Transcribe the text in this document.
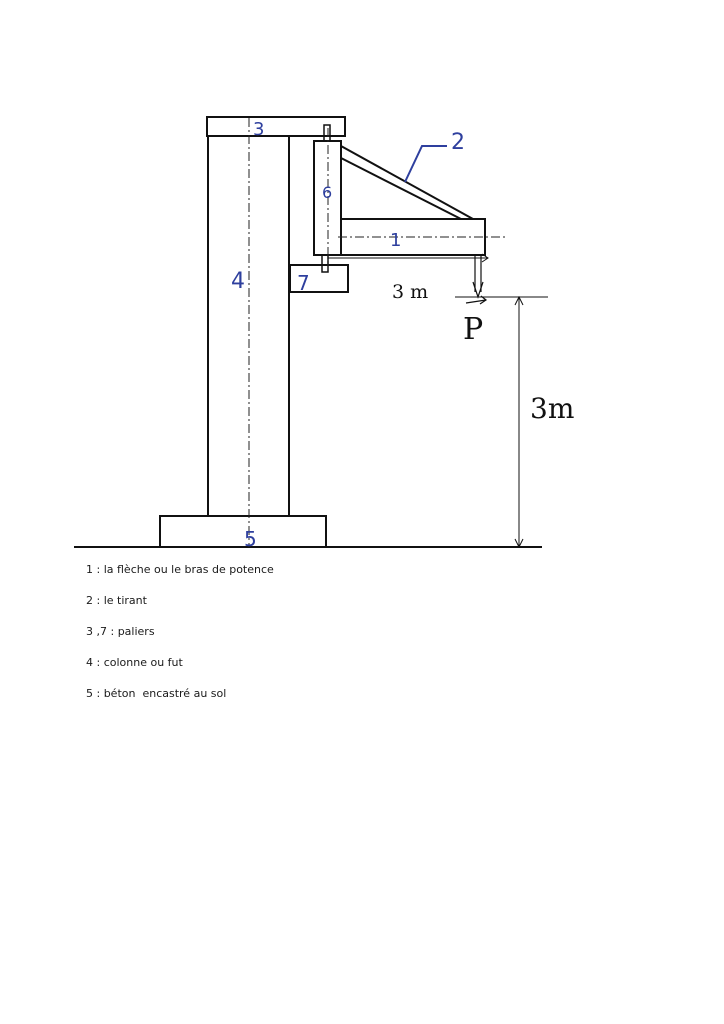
3
2
6
1
4	7
5
3 m
P
3m
1 : la flèche ou le bras de potence
2 : le tirant
3 ,7 : paliers
4 : colonne ou fut
5 : béton  encastré au sol
